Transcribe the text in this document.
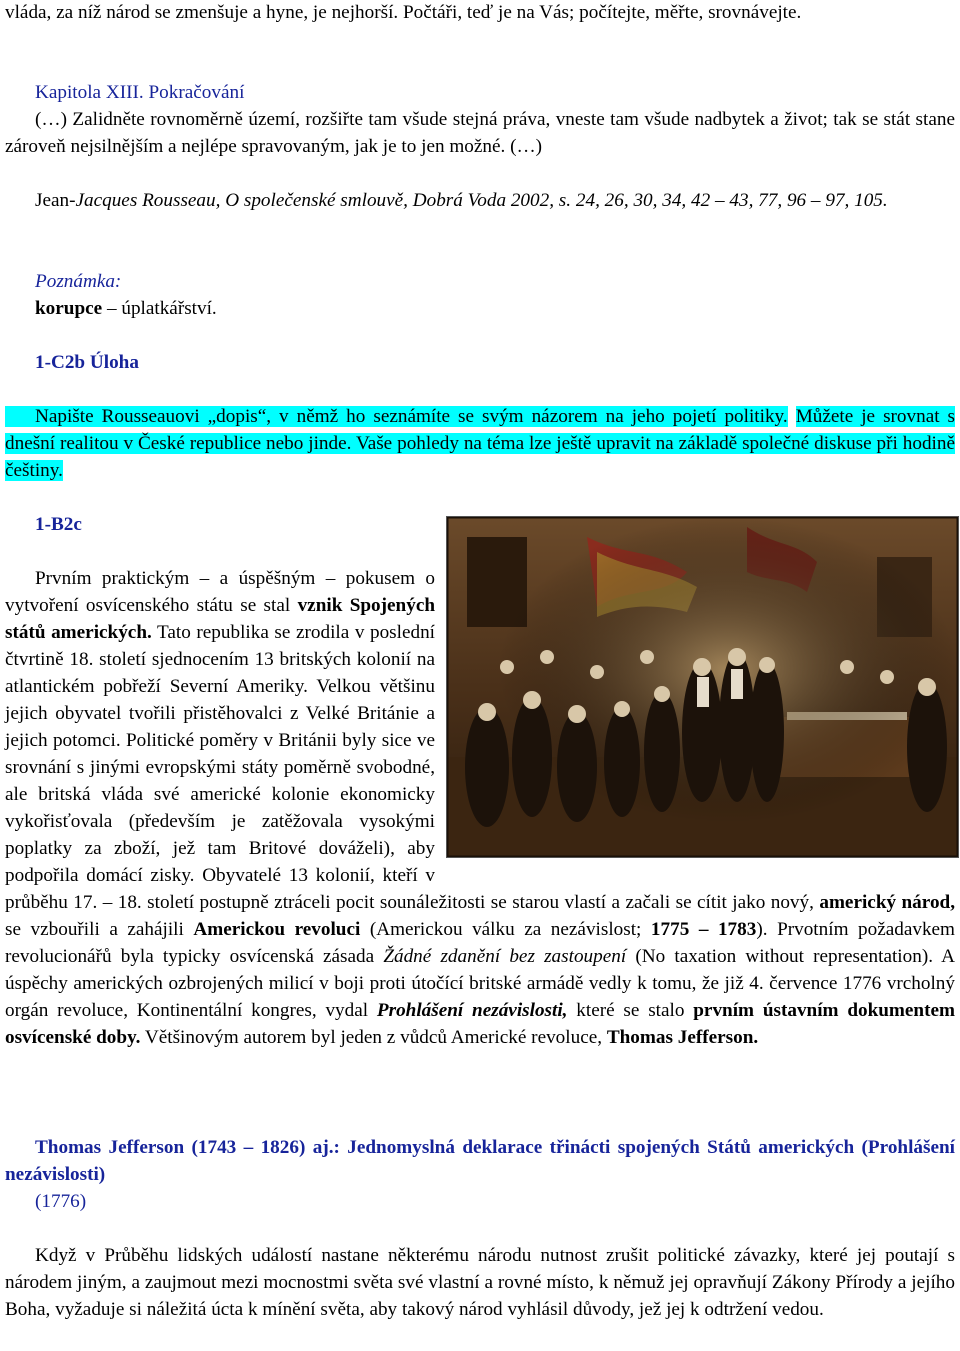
vláda, za níž národ se zmenšuje a hyne, je nejhorší. Počtáři, teď je na Vás; počítejte, měřte, srovnávejte.
Kapitola XIII. Pokračování
(…) Zalidněte rovnoměrně území, rozšiřte tam všude stejná práva, vneste tam všude nadbytek a život; tak se stát stane zároveň nejsilnějším a nejlépe spravovaným, jak je to jen možné. (…)
Jean-Jacques Rousseau, O společenské smlouvě, Dobrá Voda 2002, s. 24, 26, 30, 34, 42 – 43, 77, 96 – 97, 105.
Poznámka:
korupce – úplatkářství.
1-C2b Úloha
Napište Rousseauovi „dopis“, v němž ho seznámíte se svým názorem na jeho pojetí politiky. Můžete je srovnat s dnešní realitou v České republice nebo jinde. Vaše pohledy na téma lze ještě upravit na základě společné diskuse při hodině češtiny.
1-B2c

Prvním praktickým – a úspěšným – pokusem o vytvoření osvícenského státu se stal vznik Spojených států amerických. Tato republika se zrodila v poslední čtvrtině 18. století sjednocením 13 britských kolonií na atlantickém pobřeží Severní Ameriky. Velkou většinu jejich obyvatel tvořili přistěhovalci z Velké Británie a jejich potomci. Politické poměry v Británii byly sice ve srovnání s jinými evropskými státy poměrně svobodné, ale britská vláda své americké kolonie ekonomicky vykořisťovala (především je zatěžovala vysokými poplatky za zboží, jež tam Britové dováželi), aby podpořila domácí zisky. Obyvatelé 13 kolonií, kteří v průběhu 17. – 18. století postupně ztráceli pocit sounáležitosti se starou vlastí a začali se cítit jako nový, americký národ, se vzbouřili a zahájili Americkou revoluci (Americkou válku za nezávislost; 1775 – 1783). Prvotním požadavkem revolucionářů byla typicky osvícenská zásada Žádné zdanění bez zastoupení (No taxation without representation). A úspěchy amerických ozbrojených milicí v boji proti útočící britské armádě vedly k tomu, že již 4. července 1776 vrcholný orgán revoluce, Kontinentální kongres, vydal Prohlášení nezávislosti, které se stalo prvním ústavním dokumentem osvícenské doby. Většinovým autorem byl jeden z vůdců Americké revoluce, Thomas Jefferson.

Thomas Jefferson (1743 – 1826) aj.: Jednomyslná deklarace třinácti spojených Států amerických (Prohlášení nezávislosti)
(1776)
Když v Průběhu lidských událostí nastane některému národu nutnost zrušit politické závazky, které jej poutají s národem jiným, a zaujmout mezi mocnostmi světa své vlastní a rovné místo, k němuž jej opravňují Zákony Přírody a jejího Boha, vyžaduje si náležitá úcta k mínění světa, aby takový národ vyhlásil důvody, jež jej k odtržení vedou.
